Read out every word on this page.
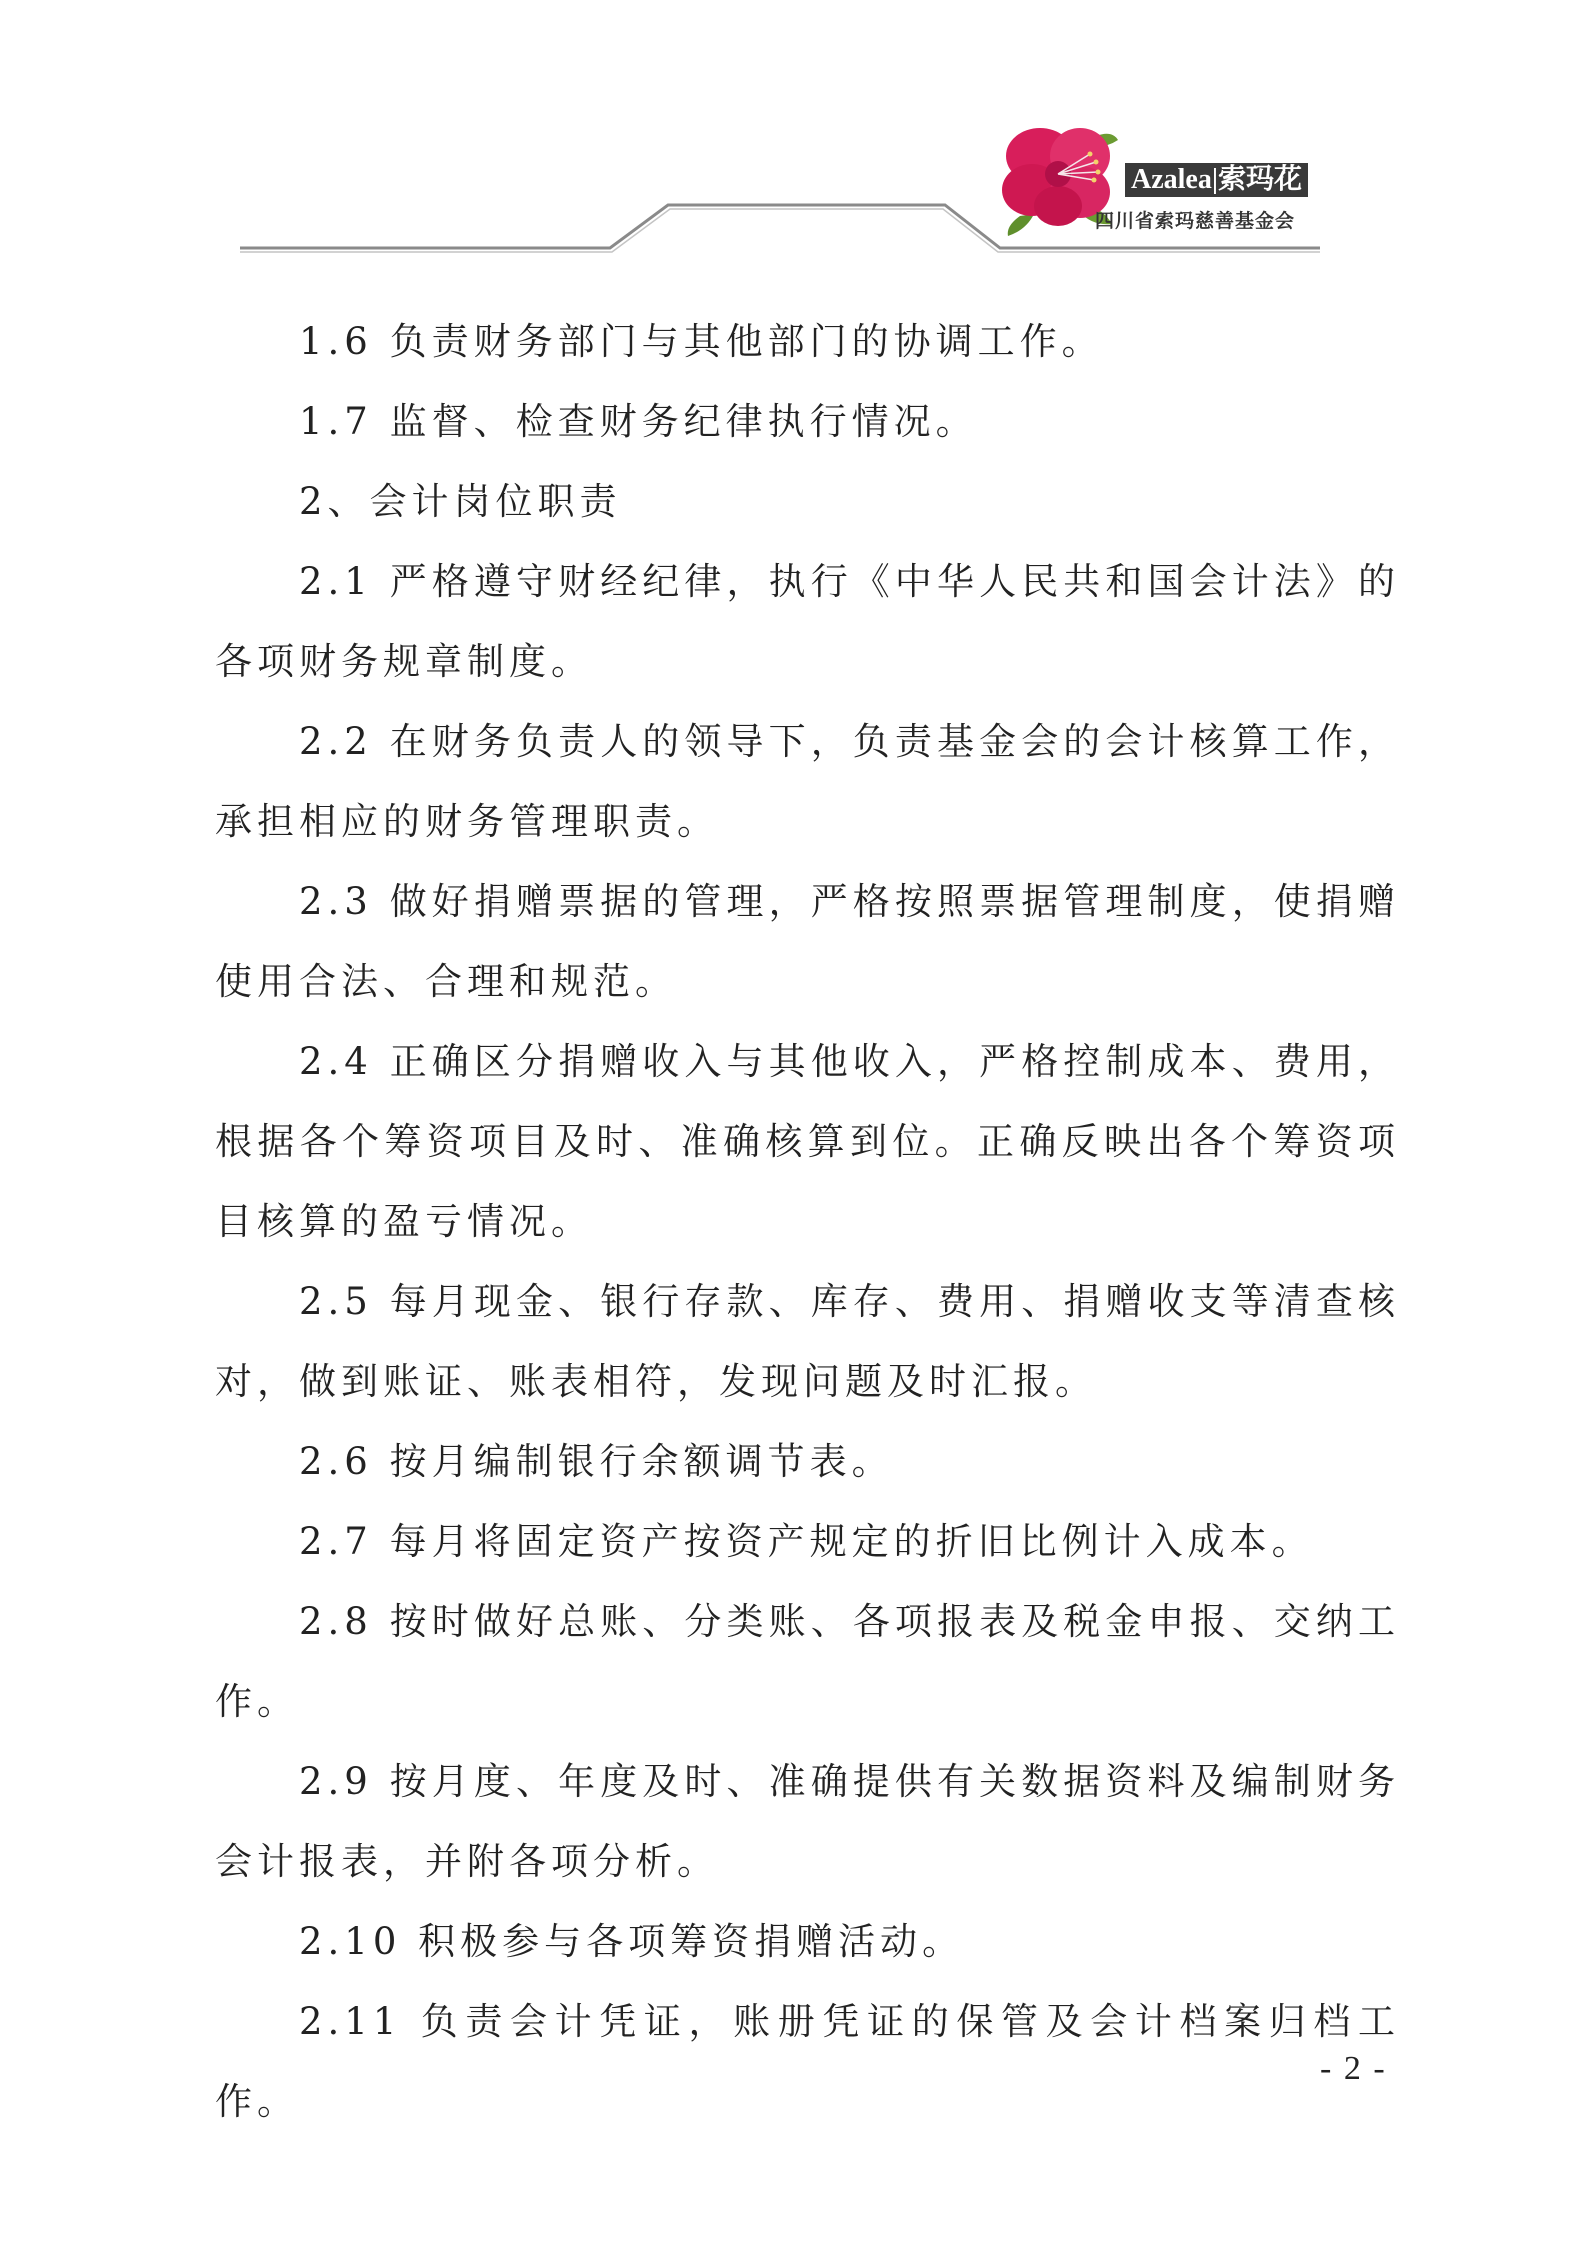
Azalea|索玛花
四川省索玛慈善基金会

1.6 负责财务部门与其他部门的协调工作。

1.7 监督、检查财务纪律执行情况。

2、会计岗位职责

2.1 严格遵守财经纪律，执行《中华人民共和国会计法》的各项财务规章制度。

2.2 在财务负责人的领导下，负责基金会的会计核算工作，承担相应的财务管理职责。

2.3 做好捐赠票据的管理，严格按照票据管理制度，使捐赠使用合法、合理和规范。

2.4 正确区分捐赠收入与其他收入，严格控制成本、费用，根据各个筹资项目及时、准确核算到位。正确反映出各个筹资项目核算的盈亏情况。

2.5 每月现金、银行存款、库存、费用、捐赠收支等清查核对，做到账证、账表相符，发现问题及时汇报。

2.6 按月编制银行余额调节表。

2.7 每月将固定资产按资产规定的折旧比例计入成本。

2.8 按时做好总账、分类账、各项报表及税金申报、交纳工作。

2.9 按月度、年度及时、准确提供有关数据资料及编制财务会计报表，并附各项分析。

2.10 积极参与各项筹资捐赠活动。

2.11 负责会计凭证，账册凭证的保管及会计档案归档工作。

- 2 -
